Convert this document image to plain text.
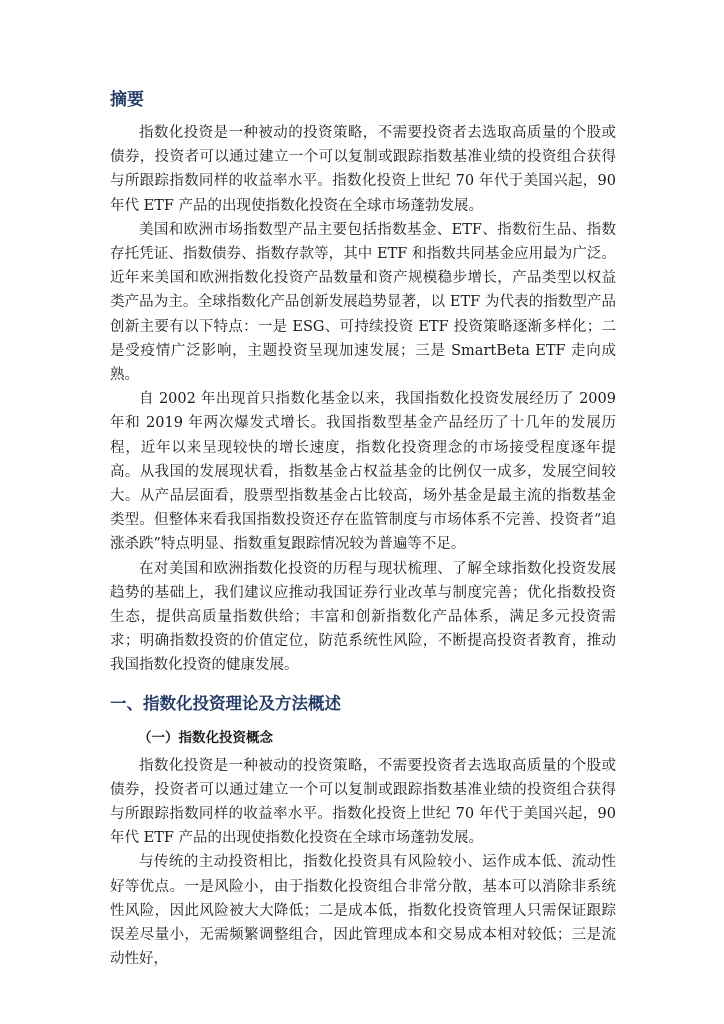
摘要

指数化投资是一种被动的投资策略，不需要投资者去选取高质量的个股或债券，投资者可以通过建立一个可以复制或跟踪指数基准业绩的投资组合获得与所跟踪指数同样的收益率水平。指数化投资上世纪 70 年代于美国兴起，90 年代 ETF 产品的出现使指数化投资在全球市场蓬勃发展。

美国和欧洲市场指数型产品主要包括指数基金、ETF、指数衍生品、指数存托凭证、指数债券、指数存款等，其中 ETF 和指数共同基金应用最为广泛。近年来美国和欧洲指数化投资产品数量和资产规模稳步增长，产品类型以权益类产品为主。全球指数化产品创新发展趋势显著，以 ETF 为代表的指数型产品创新主要有以下特点：一是 ESG、可持续投资 ETF 投资策略逐渐多样化；二是受疫情广泛影响，主题投资呈现加速发展；三是 SmartBeta ETF 走向成熟。

自 2002 年出现首只指数化基金以来，我国指数化投资发展经历了 2009 年和 2019 年两次爆发式增长。我国指数型基金产品经历了十几年的发展历程，近年以来呈现较快的增长速度，指数化投资理念的市场接受程度逐年提高。从我国的发展现状看，指数基金占权益基金的比例仅一成多，发展空间较大。从产品层面看，股票型指数基金占比较高，场外基金是最主流的指数基金类型。但整体来看我国指数投资还存在监管制度与市场体系不完善、投资者“追涨杀跌”特点明显、指数重复跟踪情况较为普遍等不足。

在对美国和欧洲指数化投资的历程与现状梳理、了解全球指数化投资发展趋势的基础上，我们建议应推动我国证券行业改革与制度完善；优化指数投资生态，提供高质量指数供给；丰富和创新指数化产品体系，满足多元投资需求；明确指数投资的价值定位，防范系统性风险，不断提高投资者教育，推动我国指数化投资的健康发展。

一、指数化投资理论及方法概述
（一）指数化投资概念

指数化投资是一种被动的投资策略，不需要投资者去选取高质量的个股或债券，投资者可以通过建立一个可以复制或跟踪指数基准业绩的投资组合获得与所跟踪指数同样的收益率水平。指数化投资上世纪 70 年代于美国兴起，90 年代 ETF 产品的出现使指数化投资在全球市场蓬勃发展。

与传统的主动投资相比，指数化投资具有风险较小、运作成本低、流动性好等优点。一是风险小，由于指数化投资组合非常分散，基本可以消除非系统性风险，因此风险被大大降低；二是成本低，指数化投资管理人只需保证跟踪误差尽量小，无需频繁调整组合，因此管理成本和交易成本相对较低；三是流动性好，
